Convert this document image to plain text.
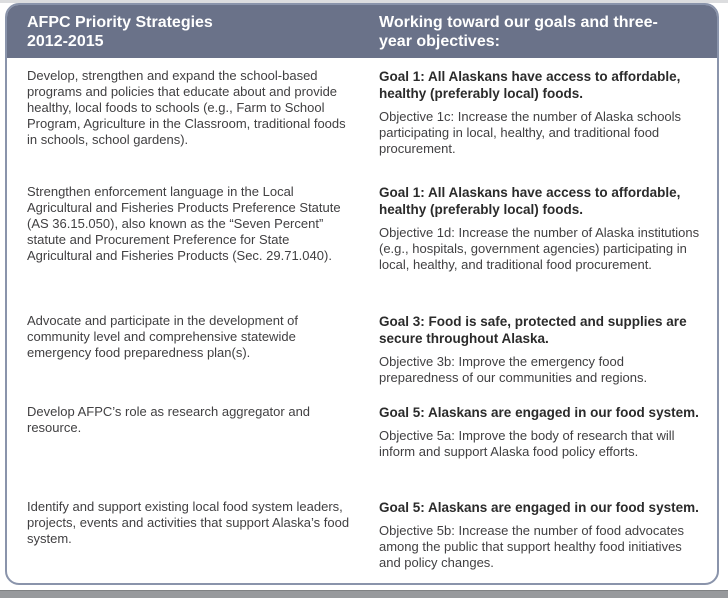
AFPC Priority Strategies
2012-2015
Working toward our goals and three-year objectives:
Develop, strengthen and expand the school-based programs and policies that educate about and provide healthy, local foods to schools (e.g., Farm to School Program, Agriculture in the Classroom, traditional foods in schools, school gardens).
Goal 1: All Alaskans have access to affordable, healthy (preferably local) foods.
Objective 1c: Increase the number of Alaska schools participating in local, healthy, and traditional food procurement.
Strengthen enforcement language in the Local Agricultural and Fisheries Products Preference Statute (AS 36.15.050), also known as the “Seven Percent” statute and Procurement Preference for State Agricultural and Fisheries Products (Sec. 29.71.040).
Goal 1: All Alaskans have access to affordable, healthy (preferably local) foods.
Objective 1d: Increase the number of Alaska institutions (e.g., hospitals, government agencies) participating in local, healthy, and traditional food procurement.
Advocate and participate in the development of community level and comprehensive statewide emergency food preparedness plan(s).
Goal 3: Food is safe, protected and supplies are secure throughout Alaska.
Objective 3b: Improve the emergency food preparedness of our communities and regions.
Develop AFPC’s role as research aggregator and resource.
Goal 5: Alaskans are engaged in our food system.
Objective 5a: Improve the body of research that will inform and support Alaska food policy efforts.
Identify and support existing local food system leaders, projects, events and activities that support Alaska’s food system.
Goal 5: Alaskans are engaged in our food system.
Objective 5b: Increase the number of food advocates among the public that support healthy food initiatives and policy changes.
